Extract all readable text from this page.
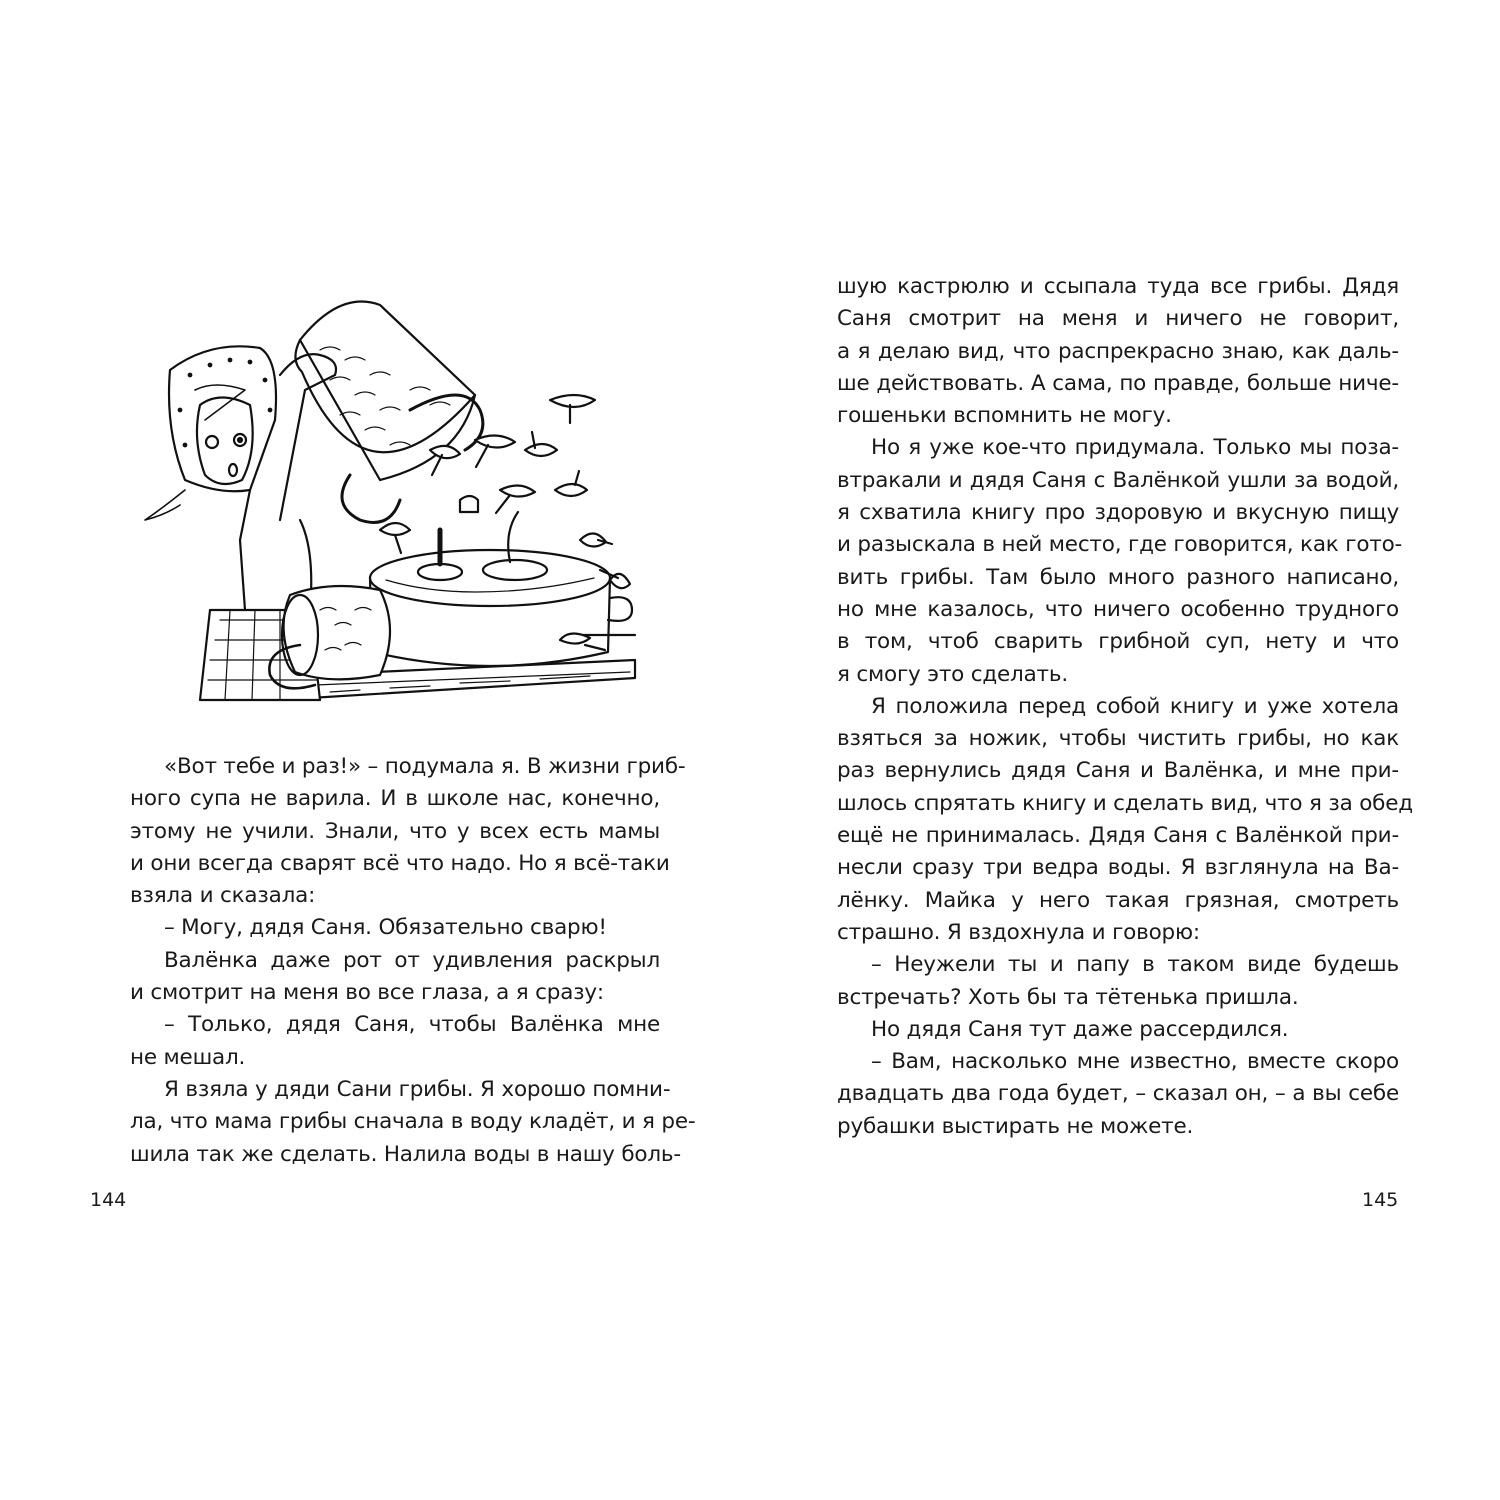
«Вот тебе и раз!» – подумала я. В жизни гриб-
ного супа не варила. И в школе нас, конечно,
этому не учили. Знали, что у всех есть мамы
и они всегда сварят всё что надо. Но я всё-таки
взяла и сказала:
– Могу, дядя Саня. Обязательно сварю!
Валёнка даже рот от удивления раскрыл
и смотрит на меня во все глаза, а я сразу:
– Только, дядя Саня, чтобы Валёнка мне
не мешал.
Я взяла у дяди Сани грибы. Я хорошо помни-
ла, что мама грибы сначала в воду кладёт, и я ре-
шила так же сделать. Налила воды в нашу боль-
144
шую кастрюлю и ссыпала туда все грибы. Дядя
Саня смотрит на меня и ничего не говорит,
а я делаю вид, что распрекрасно знаю, как даль-
ше действовать. А сама, по правде, больше ниче-
гошеньки вспомнить не могу.
Но я уже кое-что придумала. Только мы поза-
втракали и дядя Саня с Валёнкой ушли за водой,
я схватила книгу про здоровую и вкусную пищу
и разыскала в ней место, где говорится, как гото-
вить грибы. Там было много разного написано,
но мне казалось, что ничего особенно трудного
в том, чтоб сварить грибной суп, нету и что
я смогу это сделать.
Я положила перед собой книгу и уже хотела
взяться за ножик, чтобы чистить грибы, но как
раз вернулись дядя Саня и Валёнка, и мне при-
шлось спрятать книгу и сделать вид, что я за обед
ещё не принималась. Дядя Саня с Валёнкой при-
несли сразу три ведра воды. Я взглянула на Ва-
лёнку. Майка у него такая грязная, смотреть
страшно. Я вздохнула и говорю:
– Неужели ты и папу в таком виде будешь
встречать? Хоть бы та тётенька пришла.
Но дядя Саня тут даже рассердился.
– Вам, насколько мне известно, вместе скоро
двадцать два года будет, – сказал он, – а вы себе
рубашки выстирать не можете.
145
